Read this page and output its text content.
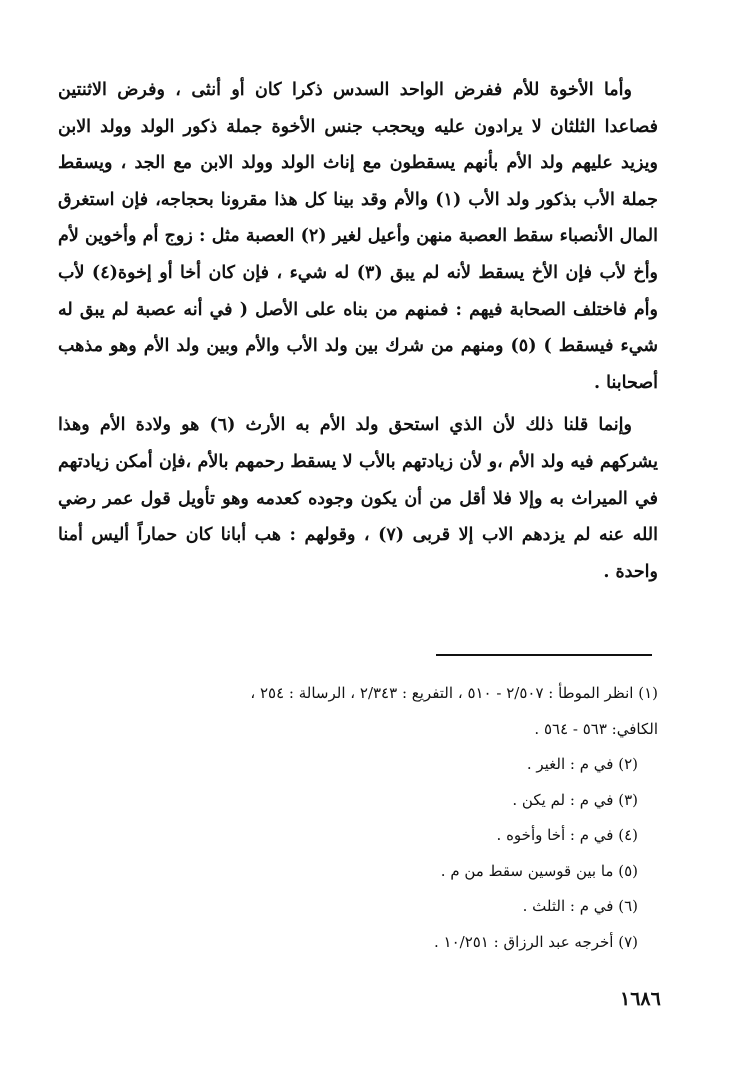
وأما الأخوة للأم ففرض الواحد السدس ذكرا كان أو أنثى ، وفرض الاثنتين فصاعدا الثلثان لا يرادون عليه ويحجب جنس الأخوة جملة ذكور الولد وولد الابن ويزيد عليهم ولد الأم بأنهم يسقطون مع إناث الولد وولد الابن مع الجد ، ويسقط جملة الأب بذكور ولد الأب (١) والأم وقد بينا كل هذا مقرونا بحجاجه، فإن استغرق المال الأنصباء سقط العصبة منهن وأعيل لغير (٢) العصبة مثل : زوج أم وأخوين لأم وأخ لأب فإن الأخ يسقط لأنه لم يبق (٣) له شيء ، فإن كان أخا أو إخوة(٤) لأب وأم فاختلف الصحابة فيهم : فمنهم من بناه على الأصل ( في أنه عصبة لم يبق له شيء فيسقط ) (٥) ومنهم من شرك بين ولد الأب والأم وبين ولد الأم وهو مذهب أصحابنا .

وإنما قلنا ذلك لأن الذي استحق ولد الأم به الأرث (٦) هو ولادة الأم وهذا يشركهم فيه ولد الأم ،و لأن زيادتهم بالأب لا يسقط رحمهم بالأم ،فإن أمكن زيادتهم في الميراث به وإلا فلا أقل من أن يكون وجوده كعدمه وهو تأويل قول عمر رضي الله عنه لم يزدهم الاب إلا قربى (٧) ، وقولهم : هب أبانا كان حماراً أليس أمنا واحدة .

(١) انظر الموطأ : ٢/٥٠٧ - ٥١٠ ، التفريع : ٢/٣٤٣ ، الرسالة : ٢٥٤ ،

الكافي: ٥٦٣ - ٥٦٤ .

(٢) في م : الغير .

(٣) في م : لم يكن .

(٤) في م : أخا وأخوه .

(٥) ما بين قوسين سقط من م .

(٦) في م : الثلث .

(٧) أخرجه عبد الرزاق : ١٠/٢٥١ .

١٦٨٦
